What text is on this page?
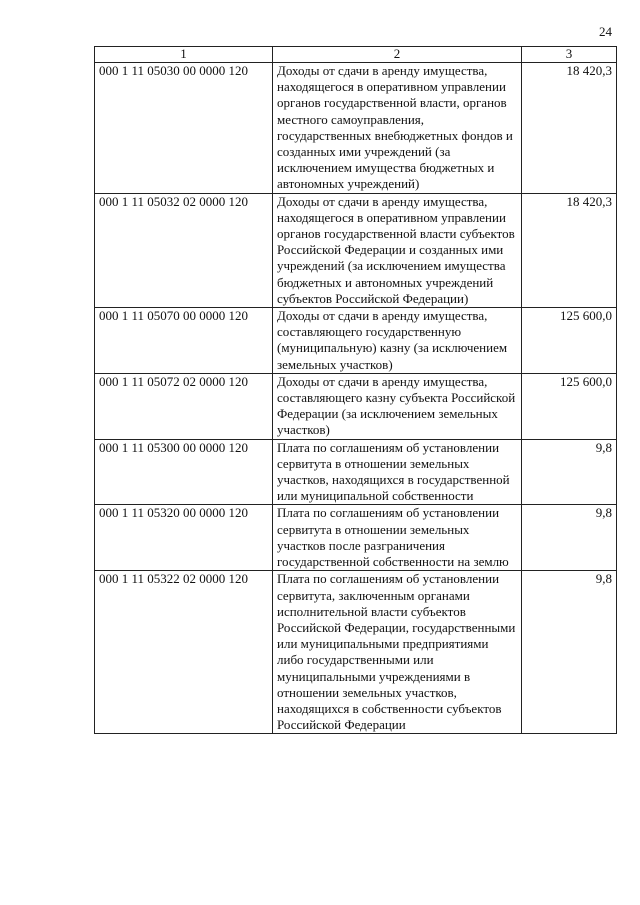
24
1	2	3
000 1 11 05030 00 0000 120	Доходы от сдачи в аренду имущества, находящегося в оперативном управлении органов государственной власти, органов местного самоуправления, государственных внебюджетных фондов и созданных ими учреждений (за исключением имущества бюджетных и автономных учреждений)	18 420,3
000 1 11 05032 02 0000 120	Доходы от сдачи в аренду имущества, находящегося в оперативном управлении органов государственной власти субъектов Российской Федерации и созданных ими учреждений (за исключением имущества бюджетных и автономных учреждений субъектов Российской Федерации)	18 420,3
000 1 11 05070 00 0000 120	Доходы от сдачи в аренду имущества, составляющего государственную (муниципальную) казну (за исключением земельных участков)	125 600,0
000 1 11 05072 02 0000 120	Доходы от сдачи в аренду имущества, составляющего казну субъекта Российской Федерации (за исключением земельных участков)	125 600,0
000 1 11 05300 00 0000 120	Плата по соглашениям об установлении сервитута в отношении земельных участков, находящихся в государственной или муниципальной собственности	9,8
000 1 11 05320 00 0000 120	Плата по соглашениям об установлении сервитута в отношении земельных участков после разграничения государственной собственности на землю	9,8
000 1 11 05322 02 0000 120	Плата по соглашениям об установлении сервитута, заключенным органами исполнительной власти субъектов Российской Федерации, государственными или муниципальными предприятиями либо государственными или муниципальными учреждениями в отношении земельных участков, находящихся в собственности субъектов Российской Федерации	9,8
